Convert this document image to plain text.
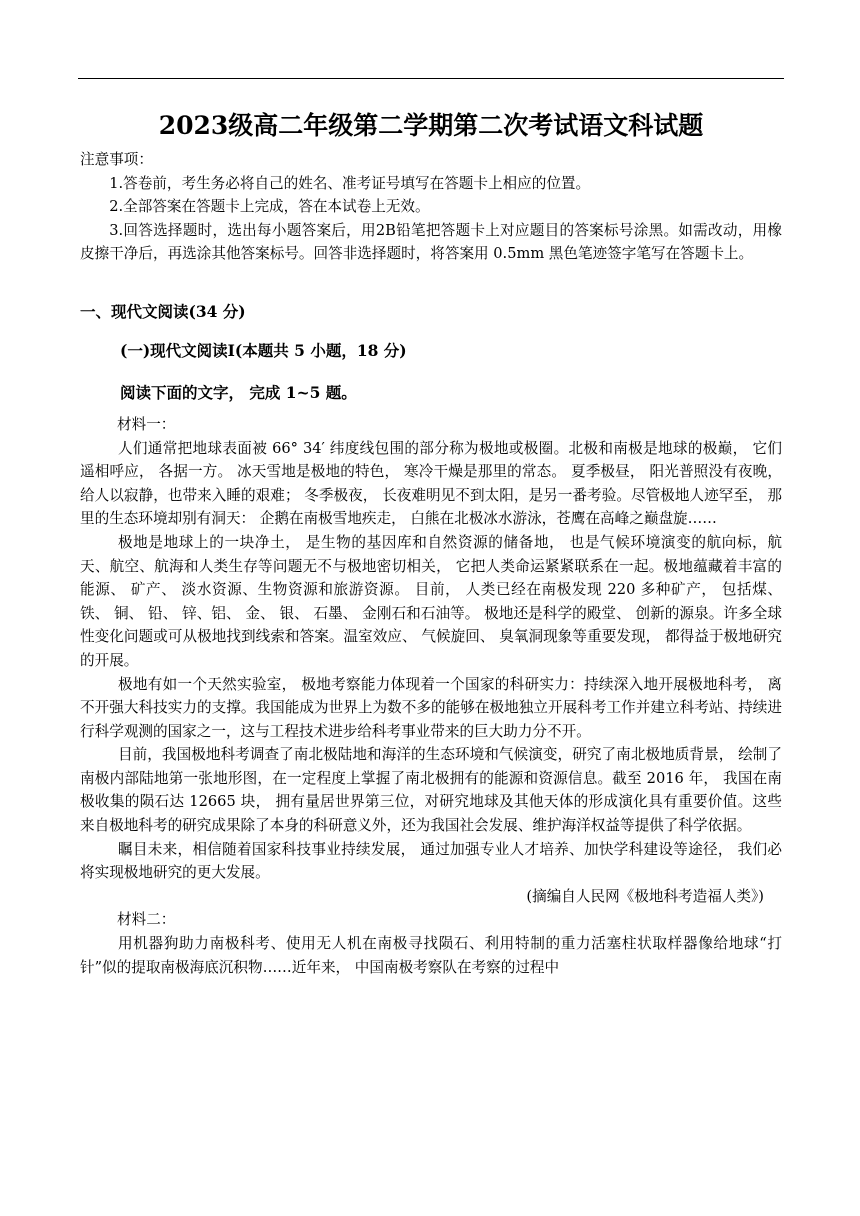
2023级高二年级第二学期第二次考试语文科试题
注意事项：
1.答卷前，考生务必将自己的姓名、准考证号填写在答题卡上相应的位置。
2.全部答案在答题卡上完成，答在本试卷上无效。
3.回答选择题时，选出每小题答案后，用2B铅笔把答题卡上对应题目的答案标号涂黑。如需改动，用橡皮擦干净后，再选涂其他答案标号。回答非选择题时，将答案用 0.5mm 黑色笔迹签字笔写在答题卡上。
一、现代文阅读(34 分)
(一)现代文阅读Ⅰ(本题共 5 小题，18 分)
阅读下面的文字， 完成 1~5 题。
材料一：
人们通常把地球表面被 66° 34′ 纬度线包围的部分称为极地或极圈。北极和南极是地球的极巅， 它们遥相呼应， 各据一方。 冰天雪地是极地的特色， 寒冷干燥是那里的常态。 夏季极昼， 阳光普照没有夜晚，给人以寂静，也带来入睡的艰难； 冬季极夜， 长夜难明见不到太阳，是另一番考验。尽管极地人迹罕至， 那里的生态环境却别有洞天： 企鹅在南极雪地疾走， 白熊在北极冰水游泳，苍鹰在高峰之巅盘旋……
极地是地球上的一块净土， 是生物的基因库和自然资源的储备地， 也是气候环境演变的航向标，航天、航空、航海和人类生存等问题无不与极地密切相关， 它把人类命运紧紧联系在一起。极地蕴藏着丰富的能源、 矿产、 淡水资源、生物资源和旅游资源。 目前， 人类已经在南极发现 220 多种矿产， 包括煤、 铁、 铜、 铅、 锌、铝、 金、 银、 石墨、 金刚石和石油等。 极地还是科学的殿堂、 创新的源泉。许多全球性变化问题或可从极地找到线索和答案。温室效应、 气候旋回、 臭氧洞现象等重要发现， 都得益于极地研究的开展。
极地有如一个天然实验室， 极地考察能力体现着一个国家的科研实力：持续深入地开展极地科考， 离不开强大科技实力的支撑。我国能成为世界上为数不多的能够在极地独立开展科考工作并建立科考站、持续进行科学观测的国家之一，这与工程技术进步给科考事业带来的巨大助力分不开。
目前，我国极地科考调查了南北极陆地和海洋的生态环境和气候演变，研究了南北极地质背景， 绘制了南极内部陆地第一张地形图，在一定程度上掌握了南北极拥有的能源和资源信息。截至 2016 年， 我国在南极收集的陨石达 12665 块， 拥有量居世界第三位，对研究地球及其他天体的形成演化具有重要价值。这些来自极地科考的研究成果除了本身的科研意义外，还为我国社会发展、维护海洋权益等提供了科学依据。
瞩目未来，相信随着国家科技事业持续发展， 通过加强专业人才培养、加快学科建设等途径， 我们必将实现极地研究的更大发展。
(摘编自人民网《极地科考造福人类》)
材料二：
用机器狗助力南极科考、使用无人机在南极寻找陨石、利用特制的重力活塞柱状取样器像给地球“打针”似的提取南极海底沉积物……近年来， 中国南极考察队在考察的过程中
